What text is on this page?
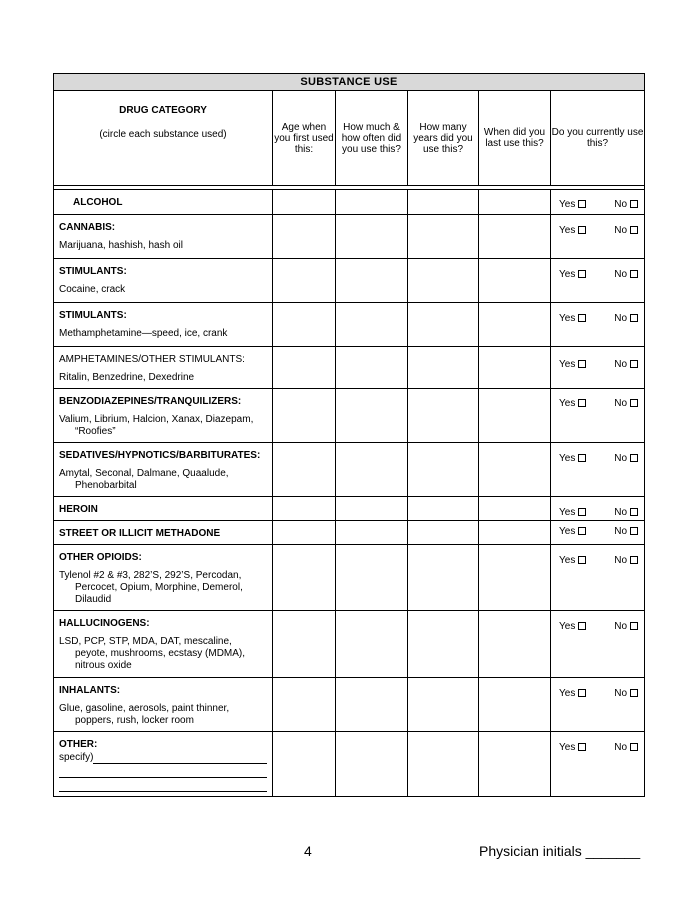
SUBSTANCE USE					

DRUG CATEGORY
(circle each substance used)	Age when you first used this:	How much & how often did you use this?	How many years did you use this?	When did you last use this?	Do you currently use this?

ALCOHOL					Yes No

CANNABIS:
Marijuana, hashish, hash oil					Yes No

STIMULANTS:
Cocaine, crack					Yes No

STIMULANTS:
Methamphetamine—speed, ice, crank					Yes No

AMPHETAMINES/OTHER STIMULANTS:
Ritalin, Benzedrine, Dexedrine					Yes No

BENZODIAZEPINES/TRANQUILIZERS:
Valium, Librium, Halcion, Xanax, Diazepam, “Roofies”					Yes No

SEDATIVES/HYPNOTICS/BARBITURATES:
Amytal, Seconal, Dalmane, Quaalude, Phenobarbital					Yes No

HEROIN					Yes No

STREET OR ILLICIT METHADONE					Yes No

OTHER OPIOIDS:
Tylenol #2 & #3, 282’S, 292’S, Percodan, Percocet, Opium, Morphine, Demerol, Dilaudid					Yes No

HALLUCINOGENS:
LSD, PCP, STP, MDA, DAT, mescaline, peyote, mushrooms, ecstasy (MDMA), nitrous oxide					Yes No

INHALANTS:
Glue, gasoline, aerosols, paint thinner, poppers, rush, locker room					Yes No

OTHER:
specify)					Yes No
4	Physician initials _______
